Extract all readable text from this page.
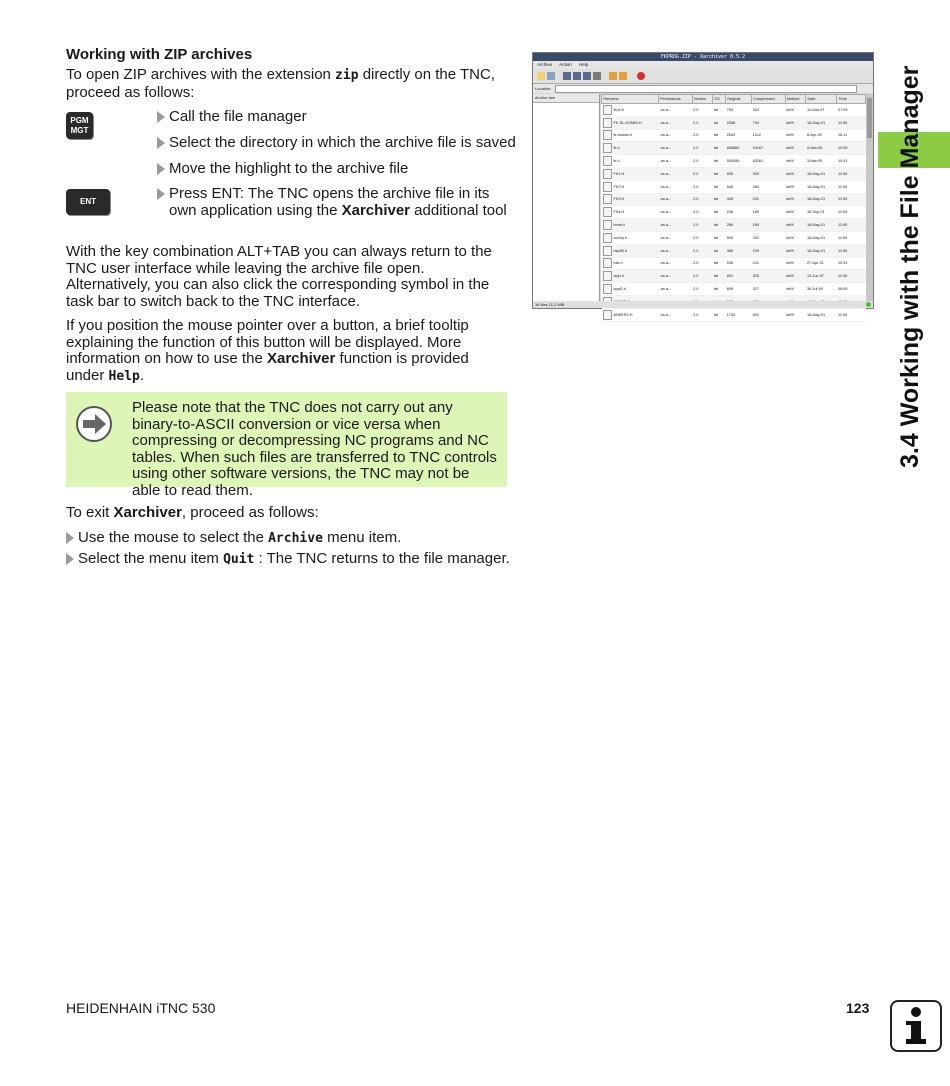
Working with ZIP archives
To open ZIP archives with the extension zip directly on the TNC, proceed as follows:
PGM
MGT
ENT
Call the file manager
Select the directory in which the archive file is saved
Move the highlight to the archive file
Press ENT: The TNC opens the archive file in its own application using the Xarchiver additional tool
With the key combination ALT+TAB you can always return to the TNC user interface while leaving the archive file open. Alternatively, you can also click the corresponding symbol in the task bar to switch back to the TNC interface.
If you position the mouse pointer over a button, a brief tooltip explaining the function of this button will be displayed. More information on how to use the Xarchiver function is provided under Help.
Please note that the TNC does not carry out any binary-to-ASCII conversion or vice versa when compressing or decompressing NC programs and NC tables. When such files are transferred to TNC controls using other software versions, the TNC may not be able to read them.
To exit Xarchiver, proceed as follows:
Use the mouse to select the Archive menu item.
Select the menu item Quit : The TNC returns to the file manager.
3.4 Working with the File Manager
FKPROG.ZIP - Xarchiver 0.5.2
Archive Action Help
Location:
Archive tree	Filename	Permissions	Version	OS	Original	Compressed	Method	Date	Time
fkn2.h	-rw-a--	2.0	fat	793	324	defX	10-Mar-97	07:05
FK-SL-KOMBI.H	-rw-a--	2.0	fat	2268	794	defX	16-May-01	11:59
fk-muster.h	-rw-a--	2.0	fat	2643	1012	defX	8-Apr-99	16:11
fk.h	-rw-a--	2.0	fat	605869	94167	defX	5-Mar-95	10:55
fk.h	-rw-a--	2.0	fat	559265	83261	defX	3-Mar-95	10:41
FK1.H	-rw-a--	2.0	fat	695	309	defX	16-May-01	11:59
FK2.H	-rw-a--	2.0	fat	648	284	defX	16-May-01	11:59
FK3.H	-rw-a--	2.0	fat	449	241	defX	16-May-01	11:59
FK4.H	-rw-a--	2.0	fat	248	189	defX	18-Sep-01	11:59
bmm.h	-rw-a--	2.0	fat	266	189	defX	16-May-01	11:59
courry.h	-rw-a--	2.0	fat	509	252	defX	16-May-01	11:59
bsp83.h	-rw-a--	2.0	fat	385	239	defX	16-May-01	11:59
bsk.h	-rw-a--	2.0	fat	538	241	defX	27-Apr-01	10:31
appl.h	-rw-a--	2.0	fat	601	325	defX	13-Jun-97	11:06
appl2.h	-rw-a--	2.0	fat	609	327	defX	30-Jul-99	08:49

ANKER2.H	-rw-a--	2.0	fat	1753	601	defX	16-May-01	11:59
34 files 11,2 MiB
HEIDENHAIN iTNC 530	123
